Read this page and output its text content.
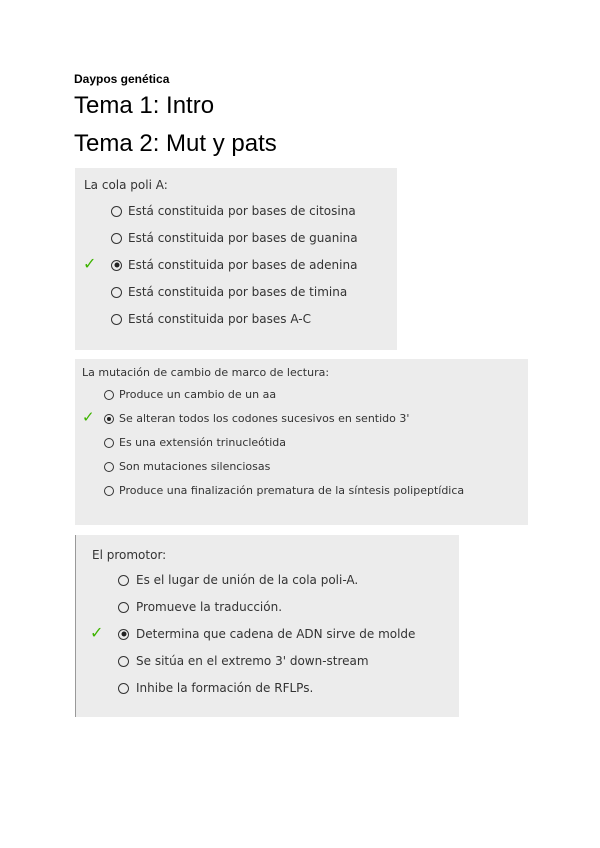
Daypos genética
Tema 1: Intro
Tema 2: Mut y pats
La cola poli A:
Está constituida por bases de citosina
Está constituida por bases de guanina
✓	Está constituida por bases de adenina
Está constituida por bases de timina
Está constituida por bases A-C
La mutación de cambio de marco de lectura:
Produce un cambio de un aa
✓ Se alteran todos los codones sucesivos en sentido 3'
Es una extensión trinucleótida
Son mutaciones silenciosas
Produce una finalización prematura de la síntesis polipeptídica
El promotor:
Es el lugar de unión de la cola poli-A.
Promueve la traducción.
✓	Determina que cadena de ADN sirve de molde
Se sitúa en el extremo 3' down-stream
Inhibe la formación de RFLPs.
